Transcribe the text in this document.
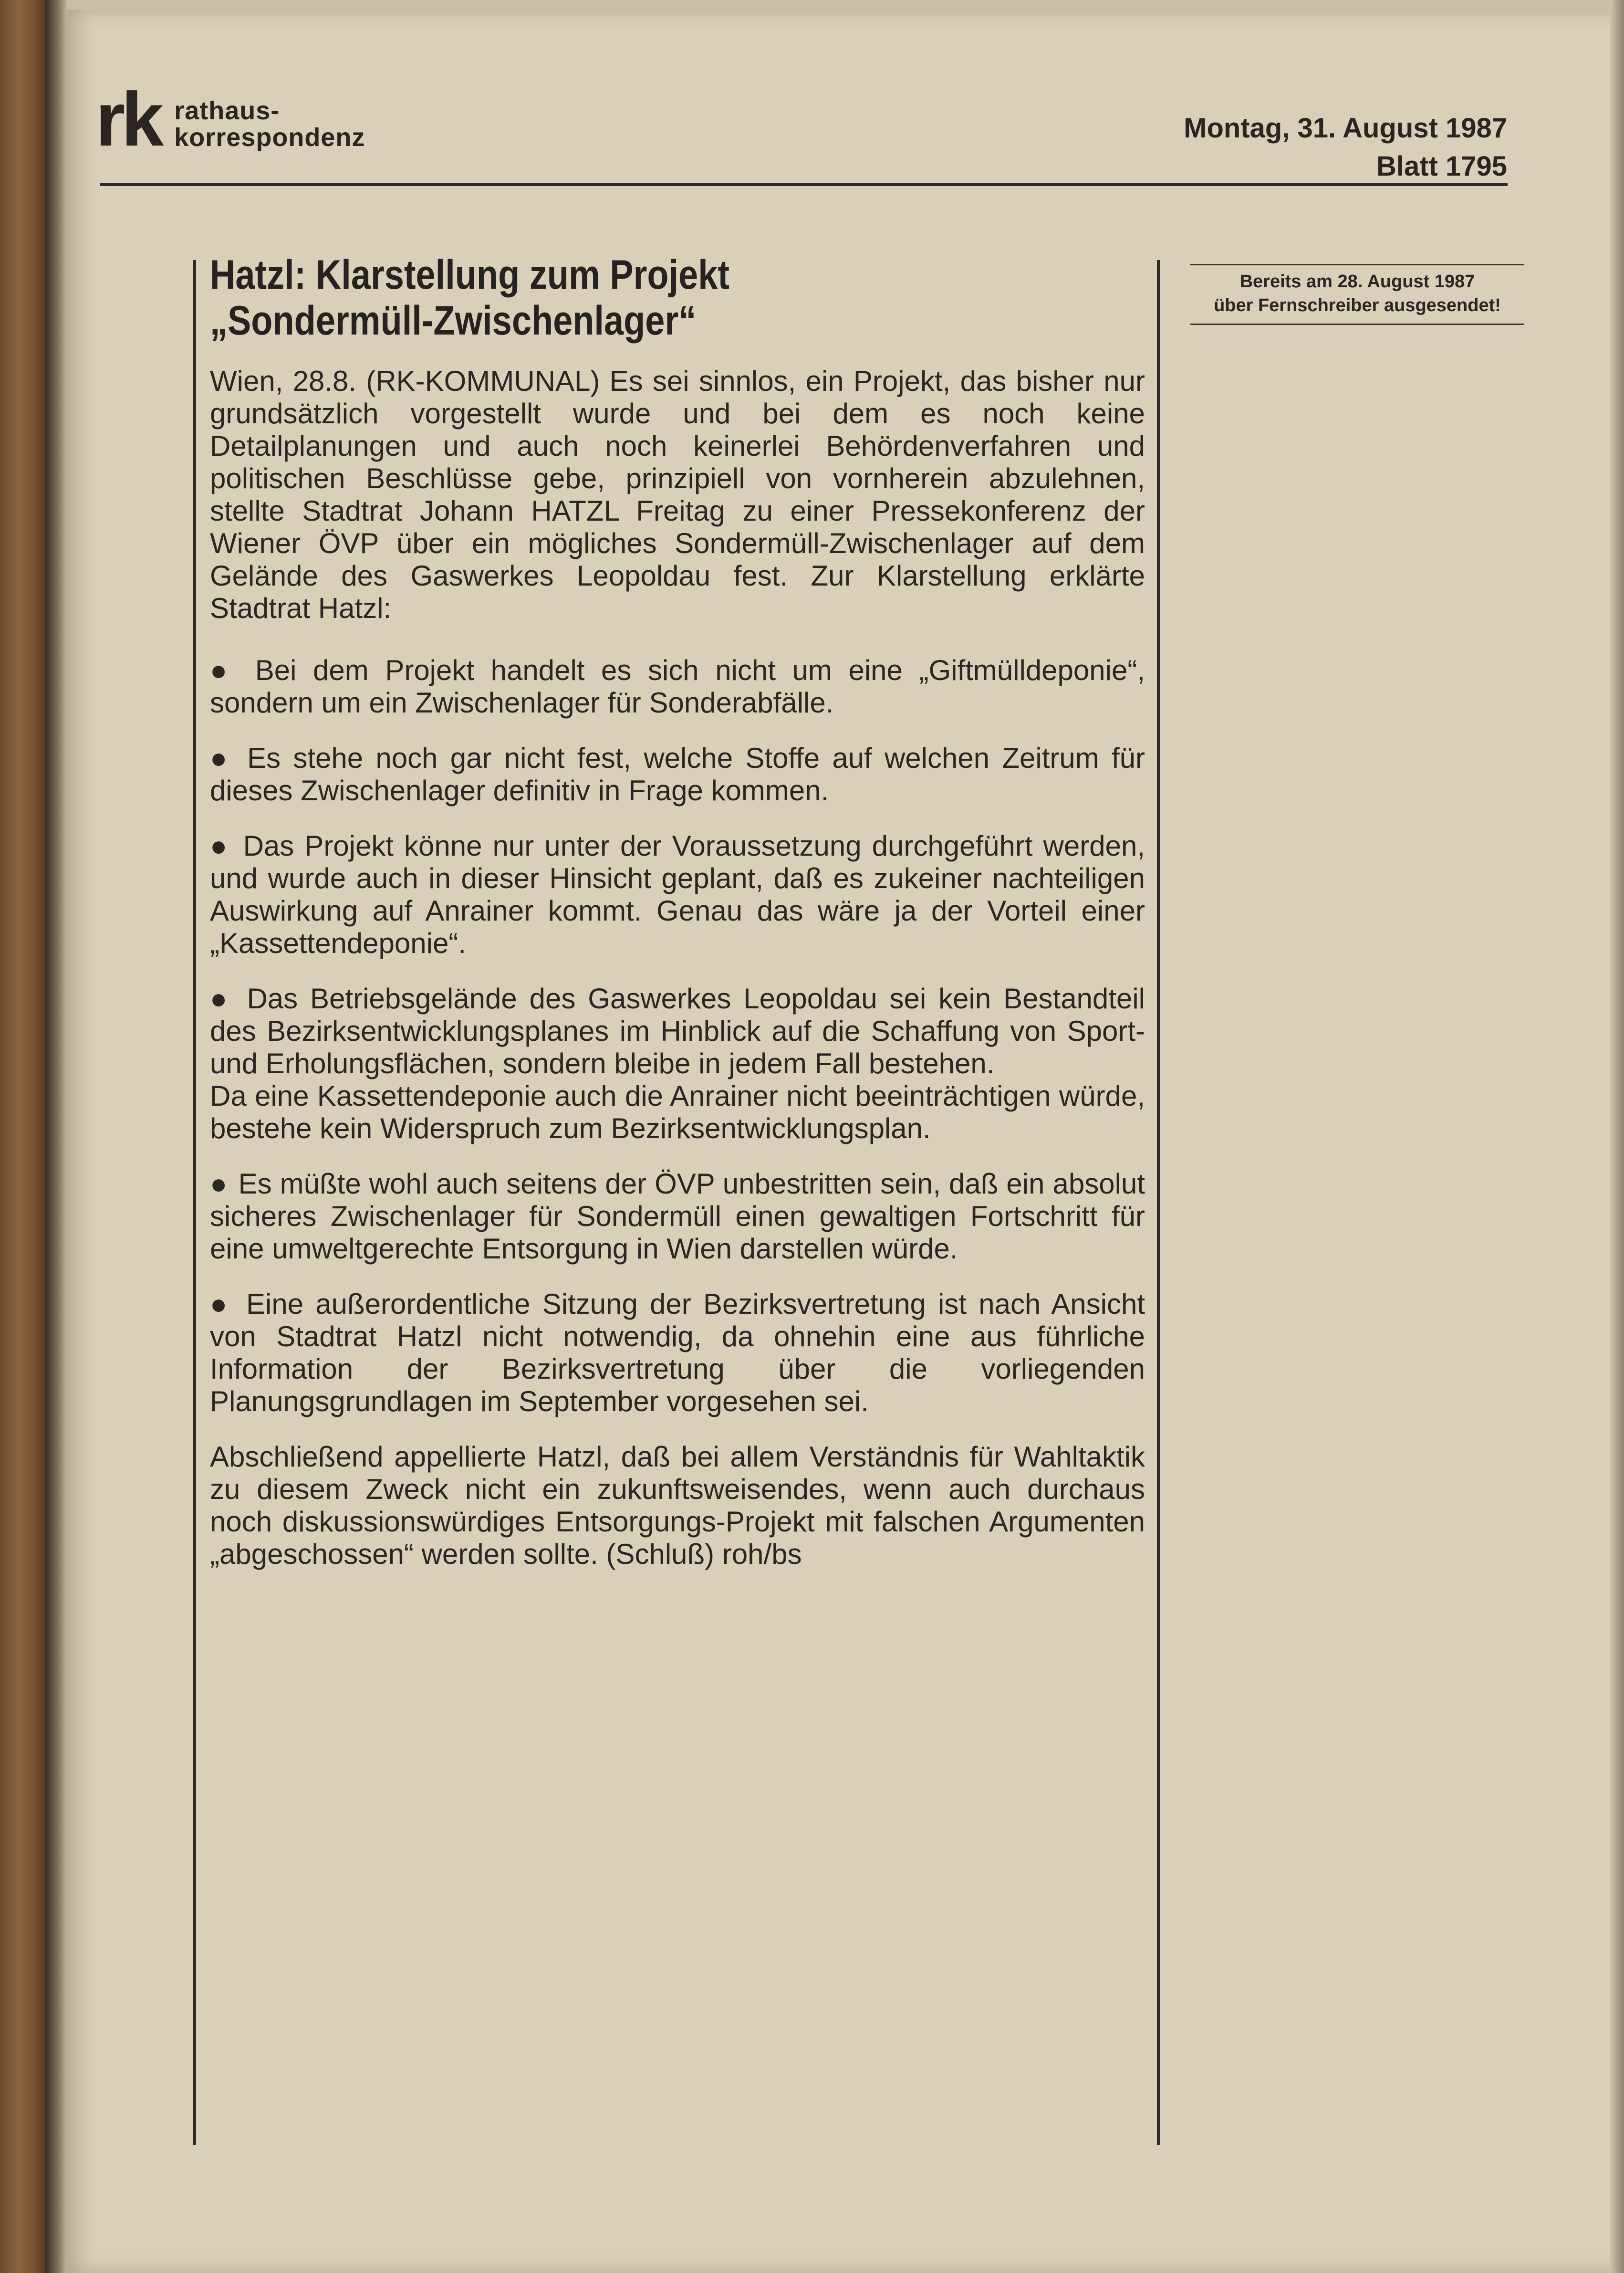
rk rathaus-
korrespondenz	Montag, 31. August 1987
Blatt 1795
Bereits am 28. August 1987
über Fernschreiber ausgesendet!
Hatzl: Klarstellung zum Projekt
„Sondermüll-Zwischenlager“

Wien, 28.8. (RK-KOMMUNAL) Es sei sinnlos, ein Projekt, das bisher nur grundsätzlich vorgestellt wurde und bei dem es noch keine Detailplanungen und auch noch keinerlei Behördenverfahren und politischen Beschlüsse gebe, prinzipiell von vornherein abzulehnen, stellte Stadtrat Johann HATZL Freitag zu einer Pressekonferenz der Wiener ÖVP über ein mögliches Sondermüll-Zwischenlager auf dem Gelände des Gaswerkes Leopoldau fest. Zur Klarstellung erklärte Stadtrat Hatzl:

● Bei dem Projekt handelt es sich nicht um eine „Giftmülldeponie“, sondern um ein Zwischenlager für Sonderabfälle.

● Es stehe noch gar nicht fest, welche Stoffe auf welchen Zeitrum für dieses Zwischenlager definitiv in Frage kommen.

● Das Projekt könne nur unter der Voraussetzung durchgeführt werden, und wurde auch in dieser Hinsicht geplant, daß es zukeiner nachteiligen Auswirkung auf Anrainer kommt. Genau das wäre ja der Vorteil einer „Kassettendeponie“.

● Das Betriebsgelände des Gaswerkes Leopoldau sei kein Bestandteil des Bezirksentwicklungsplanes im Hinblick auf die Schaffung von Sport- und Erholungsflächen, sondern bleibe in jedem Fall bestehen.
Da eine Kassettendeponie auch die Anrainer nicht beeinträchtigen würde, bestehe kein Widerspruch zum Bezirksentwicklungsplan.

● Es müßte wohl auch seitens der ÖVP unbestritten sein, daß ein absolut sicheres Zwischenlager für Sondermüll einen gewaltigen Fortschritt für eine umweltgerechte Entsorgung in Wien darstellen würde.

● Eine außerordentliche Sitzung der Bezirksvertretung ist nach Ansicht von Stadtrat Hatzl nicht notwendig, da ohnehin eine aus führliche Information der Bezirksvertretung über die vorliegenden Planungsgrundlagen im September vorgesehen sei.

Abschließend appellierte Hatzl, daß bei allem Verständnis für Wahltaktik zu diesem Zweck nicht ein zukunftsweisendes, wenn auch durchaus noch diskussionswürdiges Entsorgungs-Projekt mit falschen Argumenten „abgeschossen“ werden sollte. (Schluß) roh/bs
